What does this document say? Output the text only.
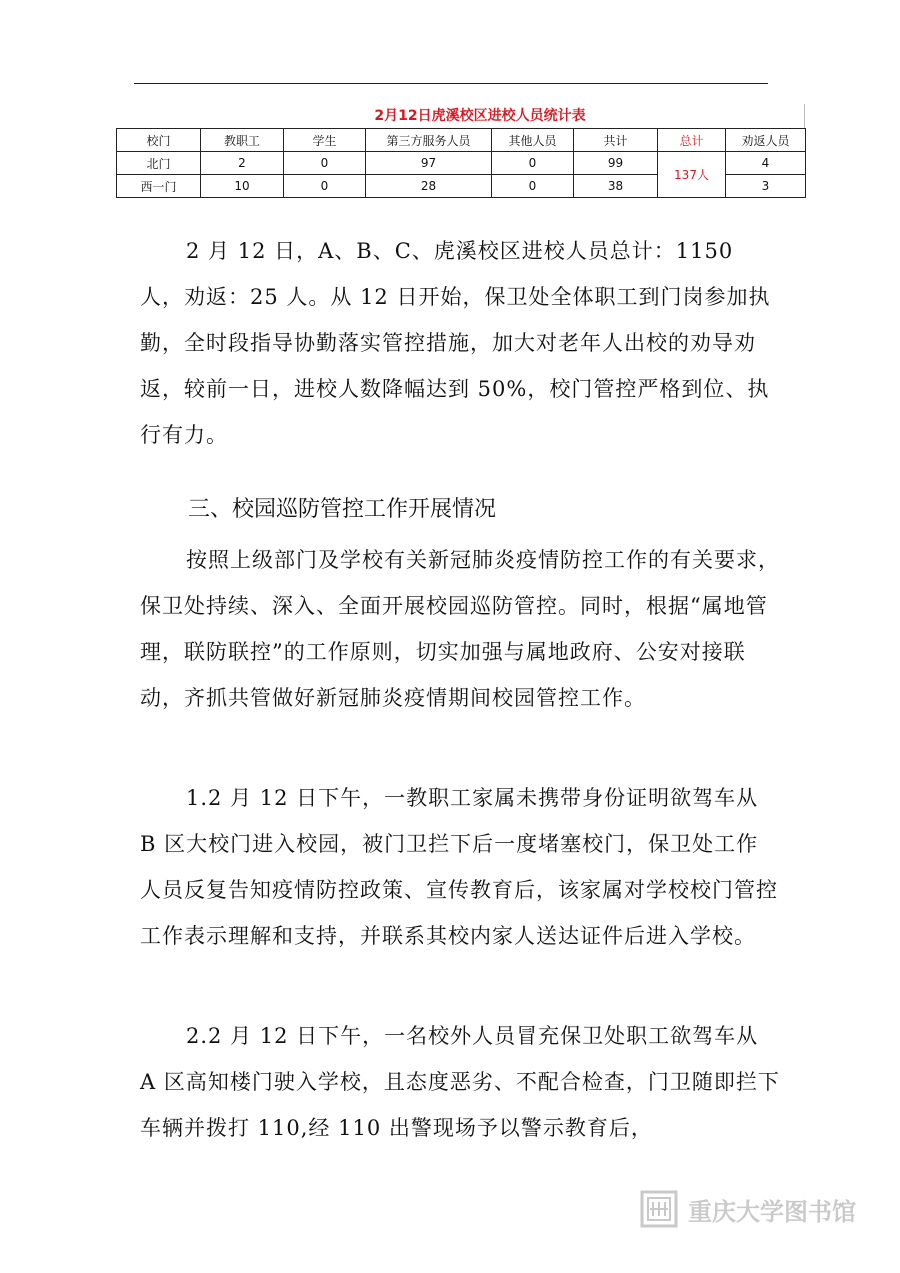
2月12日虎溪校区进校人员统计表
校门	教职工	学生	第三方服务人员	其他人员	共计	总计	劝返人员
北门	2	0	97	0	99	137人	4
西一门	10	0	28	0	38		3
2 月 12 日，A、B、C、虎溪校区进校人员总计：1150 人，劝返：25 人。从 12 日开始，保卫处全体职工到门岗参加执勤，全时段指导协勤落实管控措施，加大对老年人出校的劝导劝返，较前一日，进校人数降幅达到 50%，校门管控严格到位、执行有力。
三、校园巡防管控工作开展情况
按照上级部门及学校有关新冠肺炎疫情防控工作的有关要求，保卫处持续、深入、全面开展校园巡防管控。同时，根据“属地管理，联防联控”的工作原则，切实加强与属地政府、公安对接联动，齐抓共管做好新冠肺炎疫情期间校园管控工作。
1.2 月 12 日下午，一教职工家属未携带身份证明欲驾车从 B 区大校门进入校园，被门卫拦下后一度堵塞校门，保卫处工作人员反复告知疫情防控政策、宣传教育后，该家属对学校校门管控工作表示理解和支持，并联系其校内家人送达证件后进入学校。
2.2 月 12 日下午，一名校外人员冒充保卫处职工欲驾车从 A 区高知楼门驶入学校，且态度恶劣、不配合检查，门卫随即拦下车辆并拨打 110,经 110 出警现场予以警示教育后，
重庆大学图书馆
